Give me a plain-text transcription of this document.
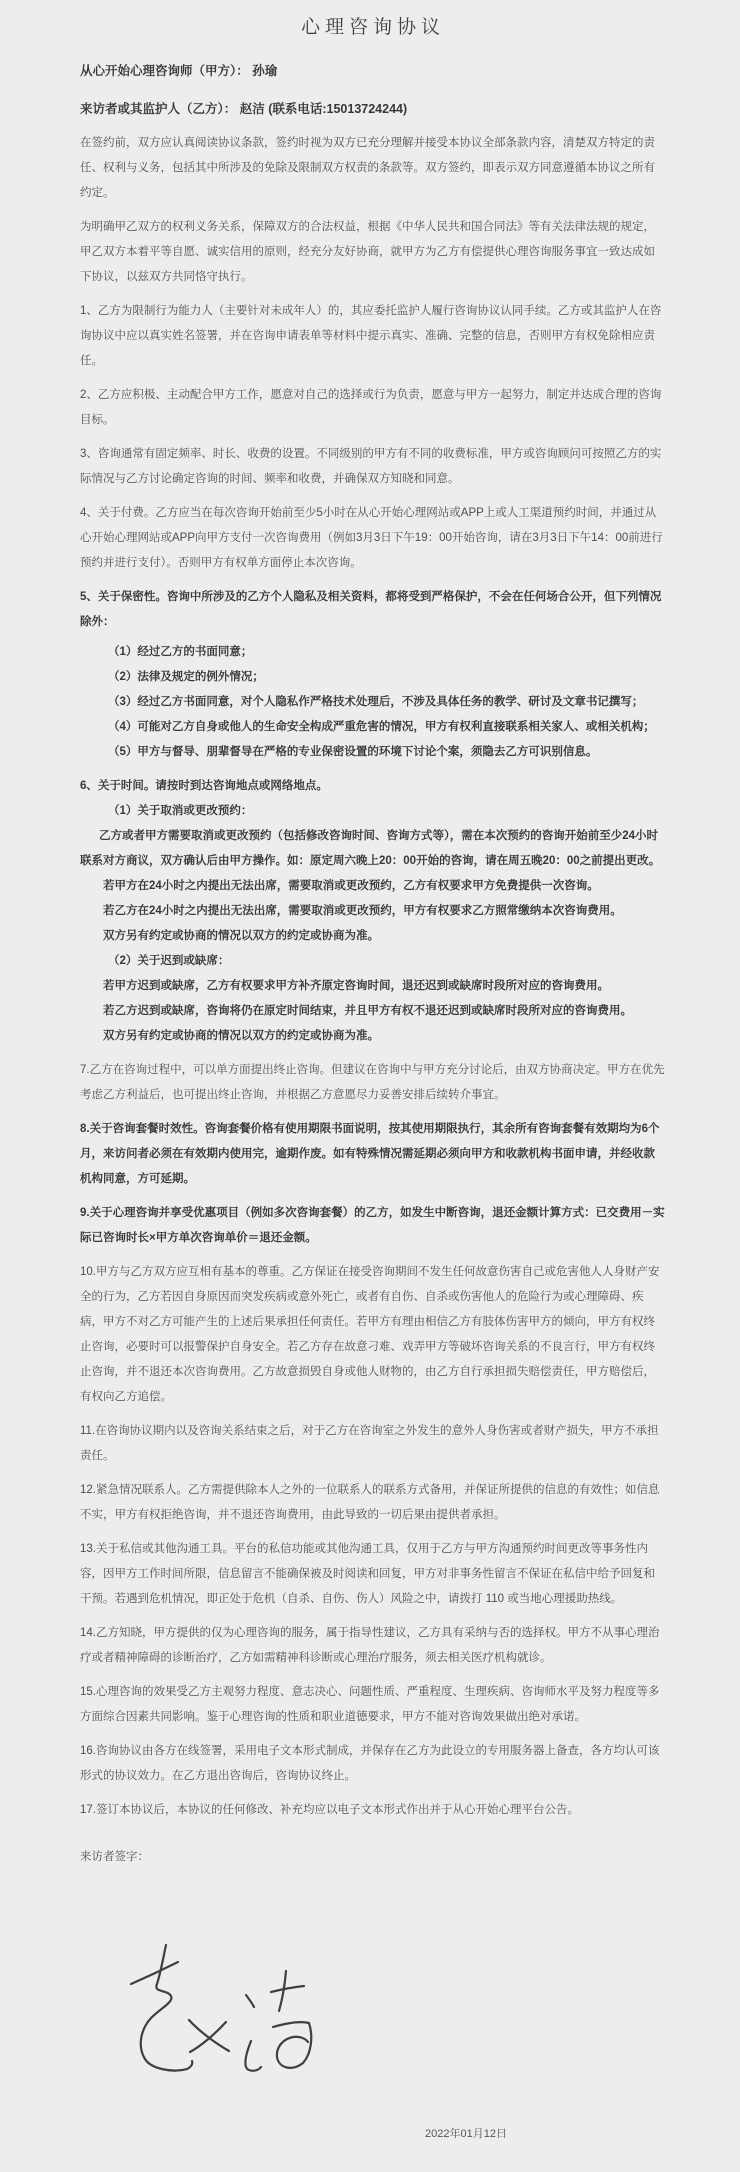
心理咨询协议

从心开始心理咨询师（甲方）： 孙瑜

来访者或其监护人（乙方）： 赵洁 (联系电话:15013724244)

在签约前，双方应认真阅读协议条款，签约时视为双方已充分理解并接受本协议全部条款内容，清楚双方特定的责任、权利与义务，包括其中所涉及的免除及限制双方权责的条款等。双方签约，即表示双方同意遵循本协议之所有约定。

为明确甲乙双方的权利义务关系，保障双方的合法权益，根据《中华人民共和国合同法》等有关法律法规的规定，甲乙双方本着平等自愿、诚实信用的原则，经充分友好协商，就甲方为乙方有偿提供心理咨询服务事宜一致达成如下协议，以兹双方共同恪守执行。

1、乙方为限制行为能力人（主要针对未成年人）的，其应委托监护人履行咨询协议认同手续。乙方或其监护人在咨询协议中应以真实姓名签署，并在咨询申请表单等材料中提示真实、准确、完整的信息，否则甲方有权免除相应责任。

2、乙方应积极、主动配合甲方工作，愿意对自己的选择或行为负责，愿意与甲方一起努力，制定并达成合理的咨询目标。

3、咨询通常有固定频率、时长、收费的设置。不同级别的甲方有不同的收费标准，甲方或咨询顾问可按照乙方的实际情况与乙方讨论确定咨询的时间、频率和收费，并确保双方知晓和同意。

4、关于付费。乙方应当在每次咨询开始前至少5小时在从心开始心理网站或APP上或人工渠道预约时间，并通过从心开始心理网站或APP向甲方支付一次咨询费用（例如3月3日下午19：00开始咨询，请在3月3日下午14：00前进行预约并进行支付）。否则甲方有权单方面停止本次咨询。

5、关于保密性。咨询中所涉及的乙方个人隐私及相关资料，都将受到严格保护，不会在任何场合公开，但下列情况除外：

（1）经过乙方的书面同意；

（2）法律及规定的例外情况；

（3）经过乙方书面同意，对个人隐私作严格技术处理后，不涉及具体任务的教学、研讨及文章书记撰写；

（4）可能对乙方自身或他人的生命安全构成严重危害的情况，甲方有权利直接联系相关家人、或相关机构；

（5）甲方与督导、朋辈督导在严格的专业保密设置的环境下讨论个案，须隐去乙方可识别信息。

6、关于时间。请按时到达咨询地点或网络地点。

（1）关于取消或更改预约：

乙方或者甲方需要取消或更改预约（包括修改咨询时间、咨询方式等），需在本次预约的咨询开始前至少24小时联系对方商议，双方确认后由甲方操作。如：原定周六晚上20：00开始的咨询，请在周五晚20：00之前提出更改。

若甲方在24小时之内提出无法出席，需要取消或更改预约，乙方有权要求甲方免费提供一次咨询。

若乙方在24小时之内提出无法出席，需要取消或更改预约，甲方有权要求乙方照常缴纳本次咨询费用。

双方另有约定或协商的情况以双方的约定或协商为准。

（2）关于迟到或缺席：

若甲方迟到或缺席，乙方有权要求甲方补齐原定咨询时间，退还迟到或缺席时段所对应的咨询费用。

若乙方迟到或缺席，咨询将仍在原定时间结束，并且甲方有权不退还迟到或缺席时段所对应的咨询费用。

双方另有约定或协商的情况以双方的约定或协商为准。

7.乙方在咨询过程中，可以单方面提出终止咨询。但建议在咨询中与甲方充分讨论后，由双方协商决定。甲方在优先考虑乙方利益后，也可提出终止咨询，并根据乙方意愿尽力妥善安排后续转介事宜。

8.关于咨询套餐时效性。咨询套餐价格有使用期限书面说明，按其使用期限执行，其余所有咨询套餐有效期均为6个月，来访问者必须在有效期内使用完，逾期作废。如有特殊情况需延期必须向甲方和收款机构书面申请，并经收款机构同意，方可延期。

9.关于心理咨询并享受优惠项目（例如多次咨询套餐）的乙方，如发生中断咨询，退还金额计算方式：已交费用－实际已咨询时长×甲方单次咨询单价＝退还金额。

10.甲方与乙方双方应互相有基本的尊重。乙方保证在接受咨询期间不发生任何故意伤害自己或危害他人人身财产安全的行为，乙方若因自身原因而突发疾病或意外死亡，或者有自伤、自杀或伤害他人的危险行为或心理障碍、疾病，甲方不对乙方可能产生的上述后果承担任何责任。若甲方有理由相信乙方有肢体伤害甲方的倾向，甲方有权终止咨询，必要时可以报警保护自身安全。若乙方存在故意刁难、戏弄甲方等破坏咨询关系的不良言行，甲方有权终止咨询，并不退还本次咨询费用。乙方故意损毁自身或他人财物的，由乙方自行承担损失赔偿责任，甲方赔偿后，有权向乙方追偿。

11.在咨询协议期内以及咨询关系结束之后，对于乙方在咨询室之外发生的意外人身伤害或者财产损失，甲方不承担责任。

12.紧急情况联系人。乙方需提供除本人之外的一位联系人的联系方式备用，并保证所提供的信息的有效性；如信息不实，甲方有权拒绝咨询，并不退还咨询费用，由此导致的一切后果由提供者承担。

13.关于私信或其他沟通工具。平台的私信功能或其他沟通工具，仅用于乙方与甲方沟通预约时间更改等事务性内容，因甲方工作时间所限，信息留言不能确保被及时阅读和回复，甲方对非事务性留言不保证在私信中给予回复和干预。若遇到危机情况，即正处于危机（自杀、自伤、伤人）风险之中，请拨打 110 或当地心理援助热线。

14.乙方知晓，甲方提供的仅为心理咨询的服务，属于指导性建议，乙方具有采纳与否的选择权。甲方不从事心理治疗或者精神障碍的诊断治疗，乙方如需精神科诊断或心理治疗服务，须去相关医疗机构就诊。

15.心理咨询的效果受乙方主观努力程度、意志决心、问题性质、严重程度、生理疾病、咨询师水平及努力程度等多方面综合因素共同影响。鉴于心理咨询的性质和职业道德要求，甲方不能对咨询效果做出绝对承诺。

16.咨询协议由各方在线签署，采用电子文本形式制成，并保存在乙方为此设立的专用服务器上备查，各方均认可该形式的协议效力。在乙方退出咨询后，咨询协议终止。

17.签订本协议后，本协议的任何修改、补充均应以电子文本形式作出并于从心开始心理平台公告。

来访者签字：

2022年01月12日
